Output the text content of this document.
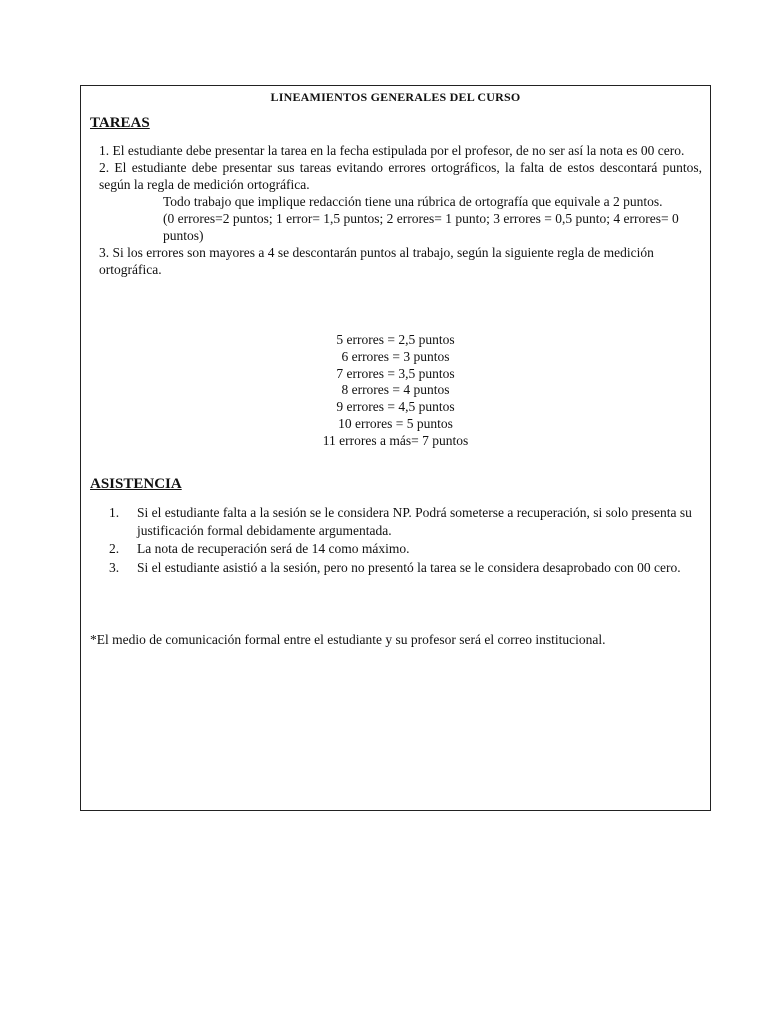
LINEAMIENTOS GENERALES DEL CURSO
TAREAS

1. El estudiante debe presentar la tarea en la fecha estipulada por el profesor, de no ser así la nota es 00 cero.

2. El estudiante debe presentar sus tareas evitando errores ortográficos, la falta de estos descontará puntos, según la regla de medición ortográfica.

Todo trabajo que implique redacción tiene una rúbrica de ortografía que equivale a 2 puntos.

(0 errores=2 puntos; 1 error= 1,5 puntos; 2 errores= 1 punto; 3 errores = 0,5 punto; 4 errores= 0 puntos)

3. Si los errores son mayores a 4 se descontarán puntos al trabajo, según la siguiente regla de medición ortográfica.

5 errores = 2,5 puntos
6 errores = 3 puntos
7 errores = 3,5 puntos
8 errores = 4 puntos
9 errores = 4,5 puntos
10 errores = 5 puntos
11 errores a más= 7 puntos
ASISTENCIA
1. Si el estudiante falta a la sesión se le considera NP. Podrá someterse a recuperación, si solo presenta su justificación formal debidamente argumentada.
2. La nota de recuperación será de 14 como máximo.
3. Si el estudiante asistió a la sesión, pero no presentó la tarea se le considera desaprobado con 00 cero.
*El medio de comunicación formal entre el estudiante y su profesor será el correo institucional.
